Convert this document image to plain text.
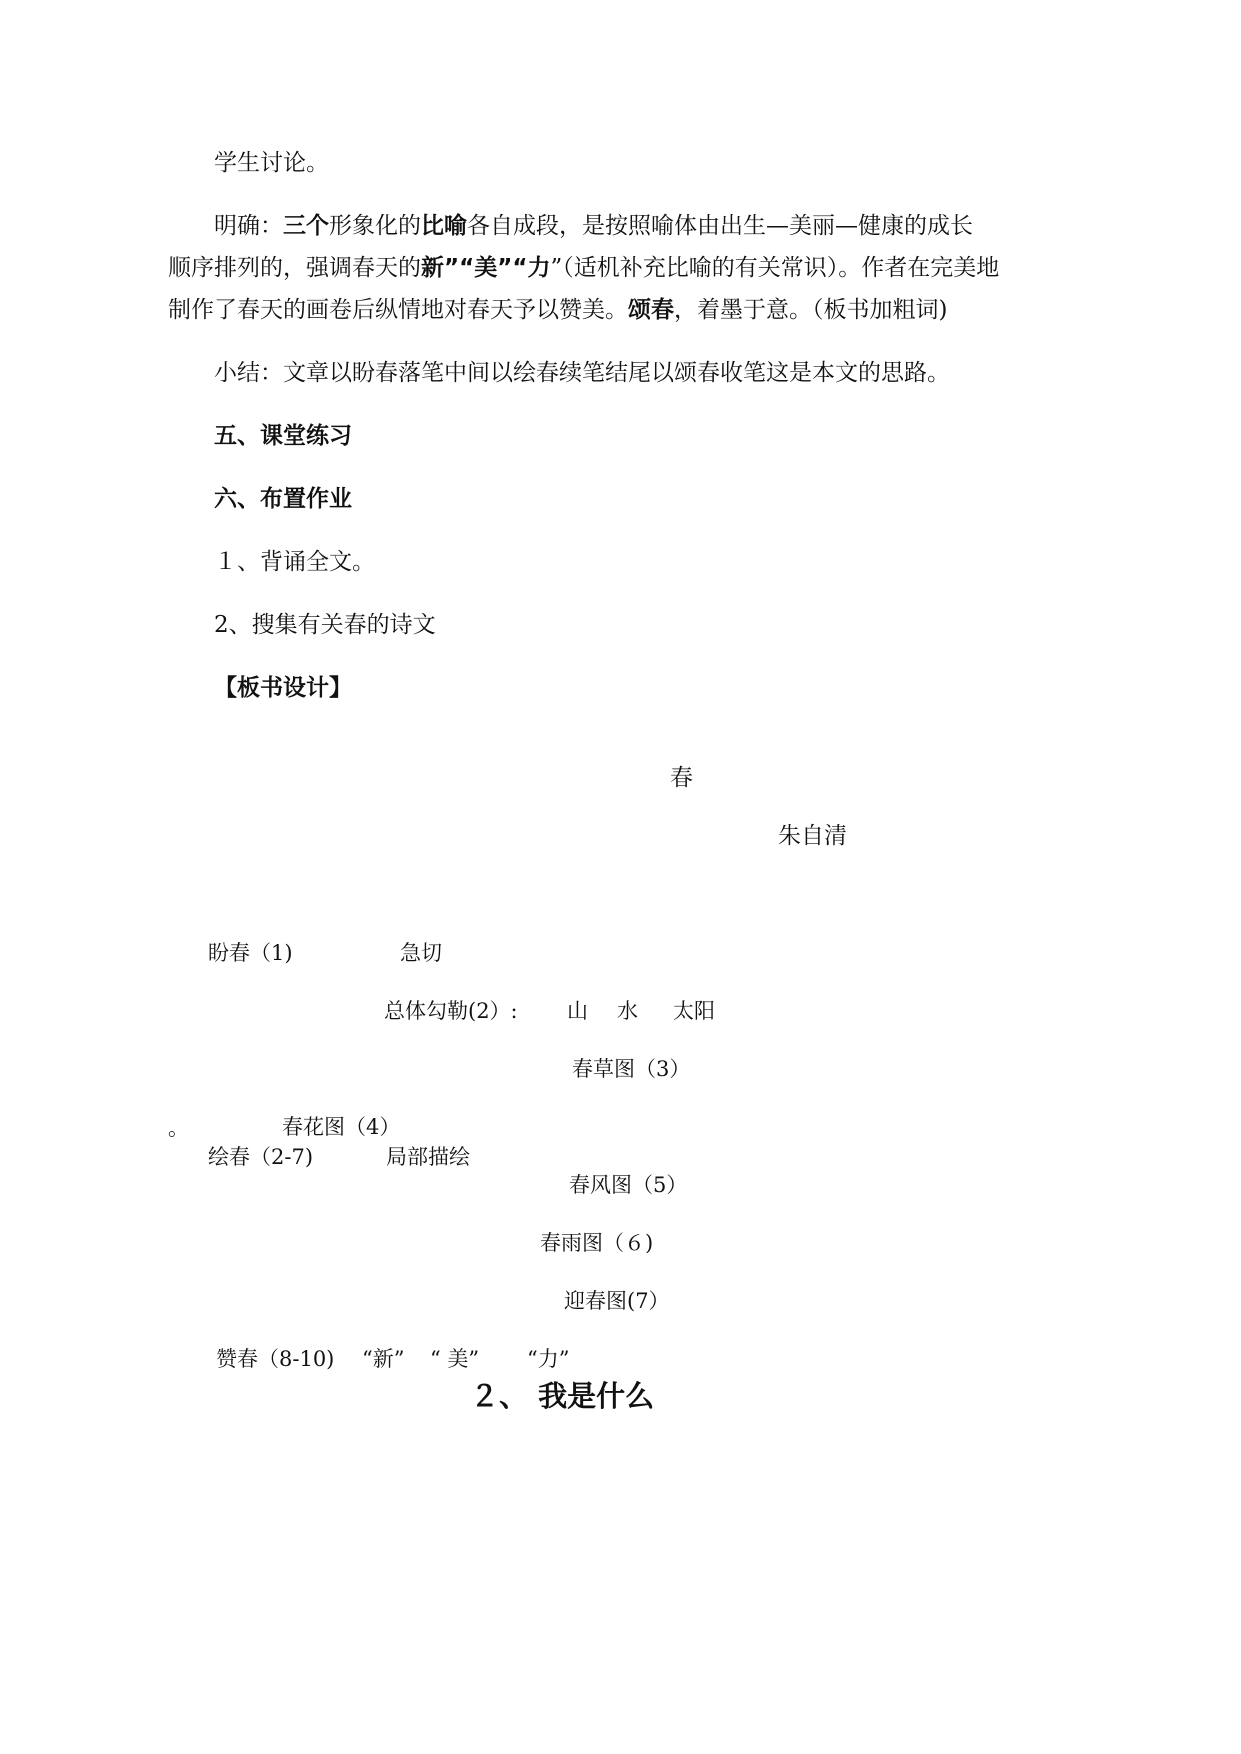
学生讨论。
明确：三个形象化的比喻各自成段，是按照喻体由出生—美丽—健康的成长
顺序排列的，强调春天的新”“美”“力”（适机补充比喻的有关常识）。作者在完美地
制作了春天的画卷后纵情地对春天予以赞美。颂春，着墨于意。（板书加粗词)
小结：文章以盼春落笔中间以绘春续笔结尾以颂春收笔这是本文的思路。
五、课堂练习
六、布置作业
１、背诵全文。
2、搜集有关春的诗文
【板书设计】
春
朱自清
盼春（1)	急切
总体勾勒(2）: 山 水 太阳
春草图（3）
。	春花图（4）
绘春（2-7)	局部描绘
春风图（5）
春雨图（６)
迎春图(7）
赞春（8-10) “新” “ 美” “力”
２、 我是什么
